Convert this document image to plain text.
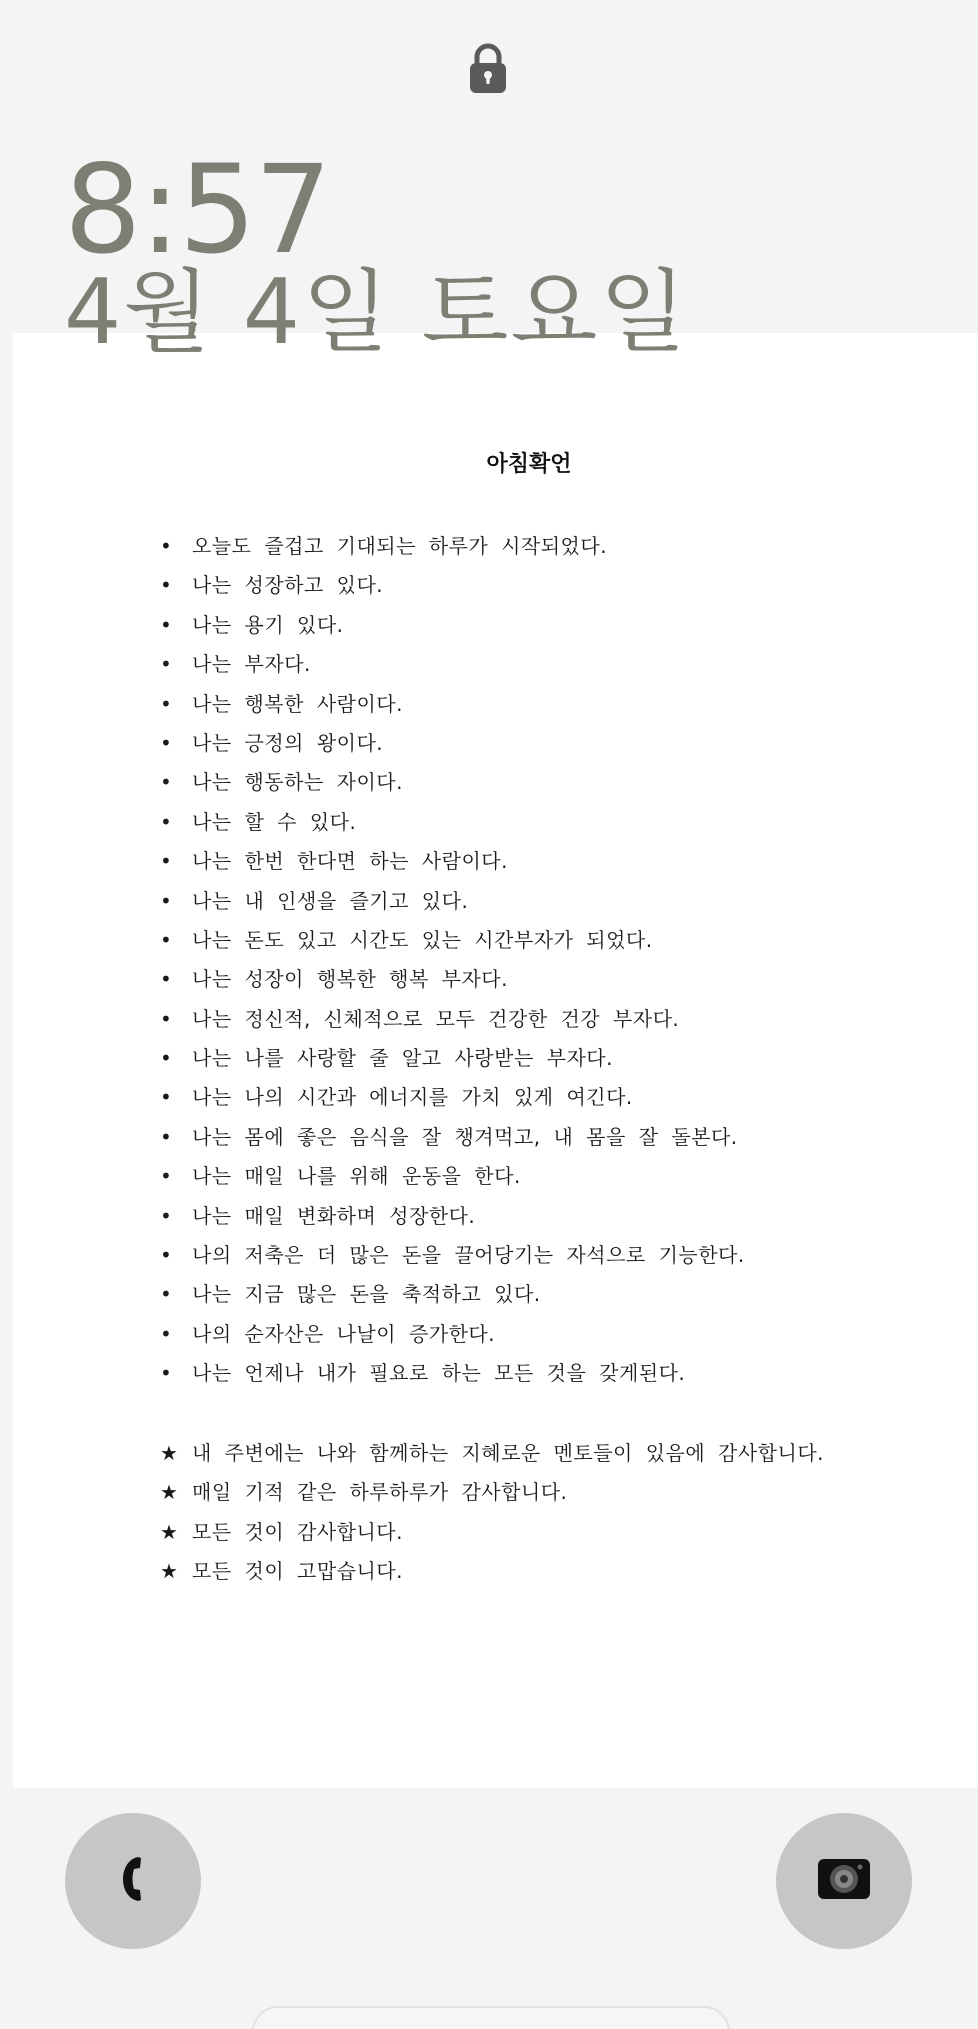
8:57
4월 4일 토요일
아침확언
• 오늘도 즐겁고 기대되는 하루가 시작되었다.
• 나는 성장하고 있다.
• 나는 용기 있다.
• 나는 부자다.
• 나는 행복한 사람이다.
• 나는 긍정의 왕이다.
• 나는 행동하는 자이다.
• 나는 할 수 있다.
• 나는 한번 한다면 하는 사람이다.
• 나는 내 인생을 즐기고 있다.
• 나는 돈도 있고 시간도 있는 시간부자가 되었다.
• 나는 성장이 행복한 행복 부자다.
• 나는 정신적, 신체적으로 모두 건강한 건강 부자다.
• 나는 나를 사랑할 줄 알고 사랑받는 부자다.
• 나는 나의 시간과 에너지를 가치 있게 여긴다.
• 나는 몸에 좋은 음식을 잘 챙겨먹고, 내 몸을 잘 돌본다.
• 나는 매일 나를 위해 운동을 한다.
• 나는 매일 변화하며 성장한다.
• 나의 저축은 더 많은 돈을 끌어당기는 자석으로 기능한다.
• 나는 지금 많은 돈을 축적하고 있다.
• 나의 순자산은 나날이 증가한다.
• 나는 언제나 내가 필요로 하는 모든 것을 갖게된다.
★ 내 주변에는 나와 함께하는 지혜로운 멘토들이 있음에 감사합니다.
★ 매일 기적 같은 하루하루가 감사합니다.
★ 모든 것이 감사합니다.
★ 모든 것이 고맙습니다.
